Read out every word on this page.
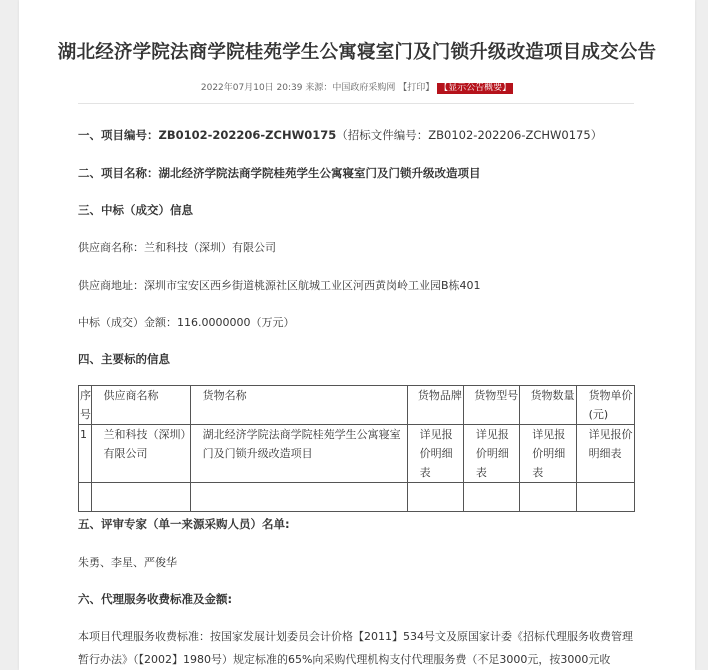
湖北经济学院法商学院桂苑学生公寓寝室门及门锁升级改造项目成交公告
2022年07月10日 20:39 来源：中国政府采购网 【打印】 【显示公告概要】
一、项目编号：ZB0102-202206-ZCHW0175（招标文件编号：ZB0102-202206-ZCHW0175）
二、项目名称：湖北经济学院法商学院桂苑学生公寓寝室门及门锁升级改造项目
三、中标（成交）信息
供应商名称：兰和科技（深圳）有限公司
供应商地址：深圳市宝安区西乡街道桃源社区航城工业区河西黄岗岭工业园B栋401
中标（成交）金额：116.0000000（万元）
四、主要标的信息
序号	供应商名称	货物名称	货物品牌	货物型号	货物数量	货物单价(元)
1	兰和科技（深圳）有限公司	湖北经济学院法商学院桂苑学生公寓寝室门及门锁升级改造项目	详见报价明细表	详见报价明细表	详见报价明细表	详见报价明细表

五、评审专家（单一来源采购人员）名单:
朱勇、李星、严俊华
六、代理服务收费标准及金额:
本项目代理服务收费标准：按国家发展计划委员会计价格【2011】534号文及原国家计委《招标代理服务收费管理
暂行办法》（【2002】1980号）规定标准的65%向采购代理机构支付代理服务费（不足3000元，按3000元收
